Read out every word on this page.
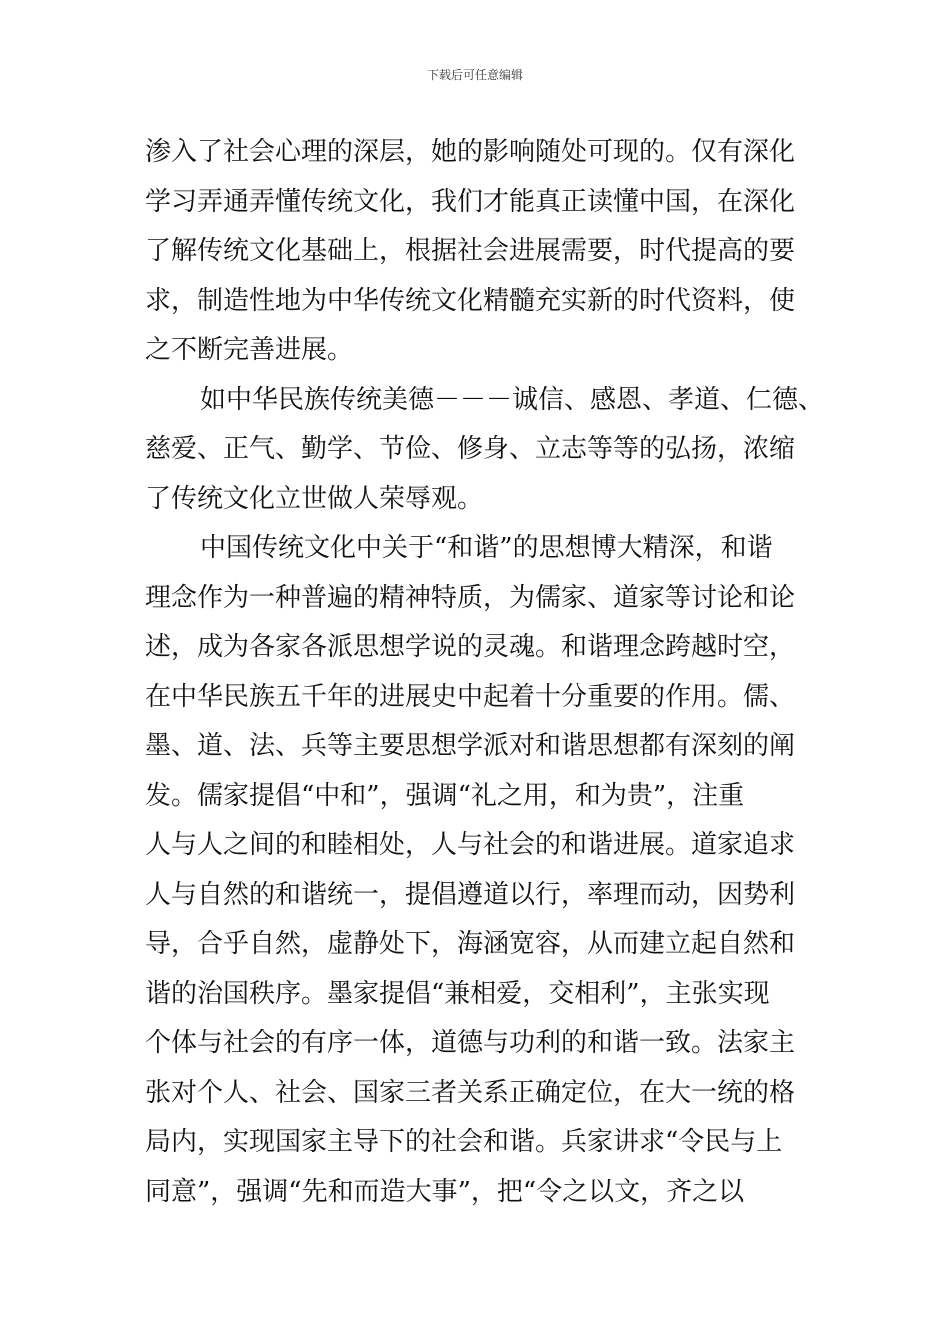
下载后可任意编辑

渗入了社会心理的深层，她的影响随处可现的。仅有深化
学习弄通弄懂传统文化，我们才能真正读懂中国，在深化
了解传统文化基础上，根据社会进展需要，时代提高的要
求，制造性地为中华传统文化精髓充实新的时代资料，使
之不断完善进展。

如中华民族传统美德－－－诚信、感恩、孝道、仁德、
慈爱、正气、勤学、节俭、修身、立志等等的弘扬，浓缩
了传统文化立世做人荣辱观。

中国传统文化中关于“和谐”的思想博大精深，和谐
理念作为一种普遍的精神特质，为儒家、道家等讨论和论
述，成为各家各派思想学说的灵魂。和谐理念跨越时空，
在中华民族五千年的进展史中起着十分重要的作用。儒、
墨、道、法、兵等主要思想学派对和谐思想都有深刻的阐
发。儒家提倡“中和”，强调“礼之用，和为贵”，注重
人与人之间的和睦相处，人与社会的和谐进展。道家追求
人与自然的和谐统一，提倡遵道以行，率理而动，因势利
导，合乎自然，虚静处下，海涵宽容，从而建立起自然和
谐的治国秩序。墨家提倡“兼相爱，交相利”，主张实现
个体与社会的有序一体，道德与功利的和谐一致。法家主
张对个人、社会、国家三者关系正确定位，在大一统的格
局内，实现国家主导下的社会和谐。兵家讲求“令民与上
同意”，强调“先和而造大事”，把“令之以文，齐之以
